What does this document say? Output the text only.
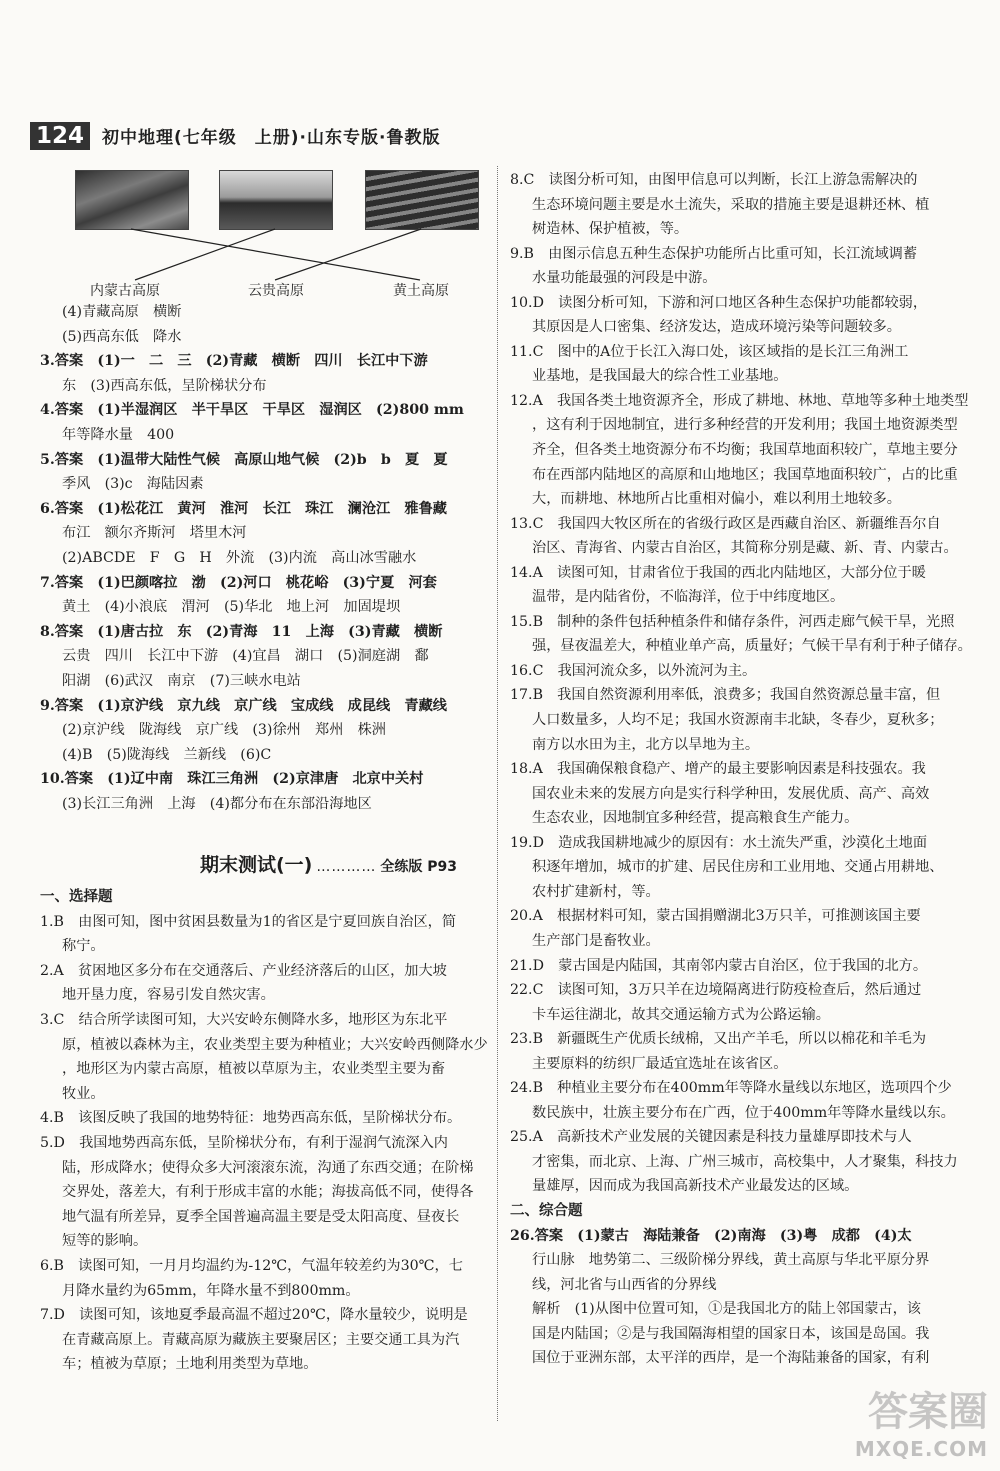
124	初中地理(七年级　上册)·山东专版·鲁教版
内蒙古高原	云贵高原	黄土高原
(4)青藏高原　横断
(5)西高东低　降水
3.答案　(1)一　二　三　(2)青藏　横断　四川　长江中下游
东　(3)西高东低，呈阶梯状分布
4.答案　(1)半湿润区　半干旱区　干旱区　湿润区　(2)800 mm
年等降水量　400
5.答案　(1)温带大陆性气候　高原山地气候　(2)b　b　夏　夏
季风　(3)c　海陆因素
6.答案　(1)松花江　黄河　淮河　长江　珠江　澜沧江　雅鲁藏
布江　额尔齐斯河　塔里木河
(2)ABCDE　F　G　H　外流　(3)内流　高山冰雪融水
7.答案　(1)巴颜喀拉　渤　(2)河口　桃花峪　(3)宁夏　河套
黄土　(4)小浪底　渭河　(5)华北　地上河　加固堤坝
8.答案　(1)唐古拉　东　(2)青海　11　上海　(3)青藏　横断
云贵　四川　长江中下游　(4)宜昌　湖口　(5)洞庭湖　鄱
阳湖　(6)武汉　南京　(7)三峡水电站
9.答案　(1)京沪线　京九线　京广线　宝成线　成昆线　青藏线
(2)京沪线　陇海线　京广线　(3)徐州　郑州　株洲
(4)B　(5)陇海线　兰新线　(6)C
10.答案　(1)辽中南　珠江三角洲　(2)京津唐　北京中关村
(3)长江三角洲　上海　(4)都分布在东部沿海地区
期末测试(一) ………… 全练版 P93
一、选择题
1.B　由图可知，图中贫困县数量为1的省区是宁夏回族自治区，简
称宁。
2.A　贫困地区多分布在交通落后、产业经济落后的山区，加大坡
地开垦力度，容易引发自然灾害。
3.C　结合所学读图可知，大兴安岭东侧降水多，地形区为东北平
原，植被以森林为主，农业类型主要为种植业；大兴安岭西侧降水少
，地形区为内蒙古高原，植被以草原为主，农业类型主要为畜
牧业。
4.B　该图反映了我国的地势特征：地势西高东低，呈阶梯状分布。
5.D　我国地势西高东低，呈阶梯状分布，有利于湿润气流深入内
陆，形成降水；使得众多大河滚滚东流，沟通了东西交通；在阶梯
交界处，落差大，有利于形成丰富的水能；海拔高低不同，使得各
地气温有所差异，夏季全国普遍高温主要是受太阳高度、昼夜长
短等的影响。
6.B　读图可知，一月月均温约为-12℃，气温年较差约为30℃，七
月降水量约为65mm，年降水量不到800mm。
7.D　读图可知，该地夏季最高温不超过20℃，降水量较少，说明是
在青藏高原上。青藏高原为藏族主要聚居区；主要交通工具为汽
车；植被为草原；土地利用类型为草地。
8.C　读图分析可知，由图甲信息可以判断，长江上游急需解决的
生态环境问题主要是水土流失，采取的措施主要是退耕还林、植
树造林、保护植被，等。
9.B　由图示信息五种生态保护功能所占比重可知，长江流域调蓄
水量功能最强的河段是中游。
10.D　读图分析可知，下游和河口地区各种生态保护功能都较弱，
其原因是人口密集、经济发达，造成环境污染等问题较多。
11.C　图中的A位于长江入海口处，该区域指的是长江三角洲工
业基地，是我国最大的综合性工业基地。
12.A　我国各类土地资源齐全，形成了耕地、林地、草地等多种土地类型
，这有利于因地制宜，进行多种经营的开发利用；我国土地资源类型
齐全，但各类土地资源分布不均衡；我国草地面积较广，草地主要分
布在西部内陆地区的高原和山地地区；我国草地面积较广，占的比重
大，而耕地、林地所占比重相对偏小，难以利用土地较多。
13.C　我国四大牧区所在的省级行政区是西藏自治区、新疆维吾尔自
治区、青海省、内蒙古自治区，其简称分别是藏、新、青、内蒙古。
14.A　读图可知，甘肃省位于我国的西北内陆地区，大部分位于暖
温带，是内陆省份，不临海洋，位于中纬度地区。
15.B　制种的条件包括种植条件和储存条件，河西走廊气候干旱，光照
强，昼夜温差大，种植业单产高，质量好；气候干旱有利于种子储存。
16.C　我国河流众多，以外流河为主。
17.B　我国自然资源利用率低，浪费多；我国自然资源总量丰富，但
人口数量多，人均不足；我国水资源南丰北缺，冬春少，夏秋多；
南方以水田为主，北方以旱地为主。
18.A　我国确保粮食稳产、增产的最主要影响因素是科技强农。我
国农业未来的发展方向是实行科学种田，发展优质、高产、高效
生态农业，因地制宜多种经营，提高粮食生产能力。
19.D　造成我国耕地减少的原因有：水土流失严重，沙漠化土地面
积逐年增加，城市的扩建、居民住房和工业用地、交通占用耕地、
农村扩建新村，等。
20.A　根据材料可知，蒙古国捐赠湖北3万只羊，可推测该国主要
生产部门是畜牧业。
21.D　蒙古国是内陆国，其南邻内蒙古自治区，位于我国的北方。
22.C　读图可知，3万只羊在边境隔离进行防疫检查后，然后通过
卡车运往湖北，故其交通运输方式为公路运输。
23.B　新疆既生产优质长绒棉，又出产羊毛，所以以棉花和羊毛为
主要原料的纺织厂最适宜选址在该省区。
24.B　种植业主要分布在400mm年等降水量线以东地区，选项四个少
数民族中，壮族主要分布在广西，位于400mm年等降水量线以东。
25.A　高新技术产业发展的关键因素是科技力量雄厚即技术与人
才密集，而北京、上海、广州三城市，高校集中，人才聚集，科技力
量雄厚，因而成为我国高新技术产业最发达的区域。
二、综合题
26.答案　(1)蒙古　海陆兼备　(2)南海　(3)粤　成都　(4)太
行山脉　地势第二、三级阶梯分界线，黄土高原与华北平原分界
线，河北省与山西省的分界线
解析　(1)从图中位置可知，①是我国北方的陆上邻国蒙古，该
国是内陆国；②是与我国隔海相望的国家日本，该国是岛国。我
国位于亚洲东部，太平洋的西岸，是一个海陆兼备的国家，有利
答案圈
MXQE.COM
